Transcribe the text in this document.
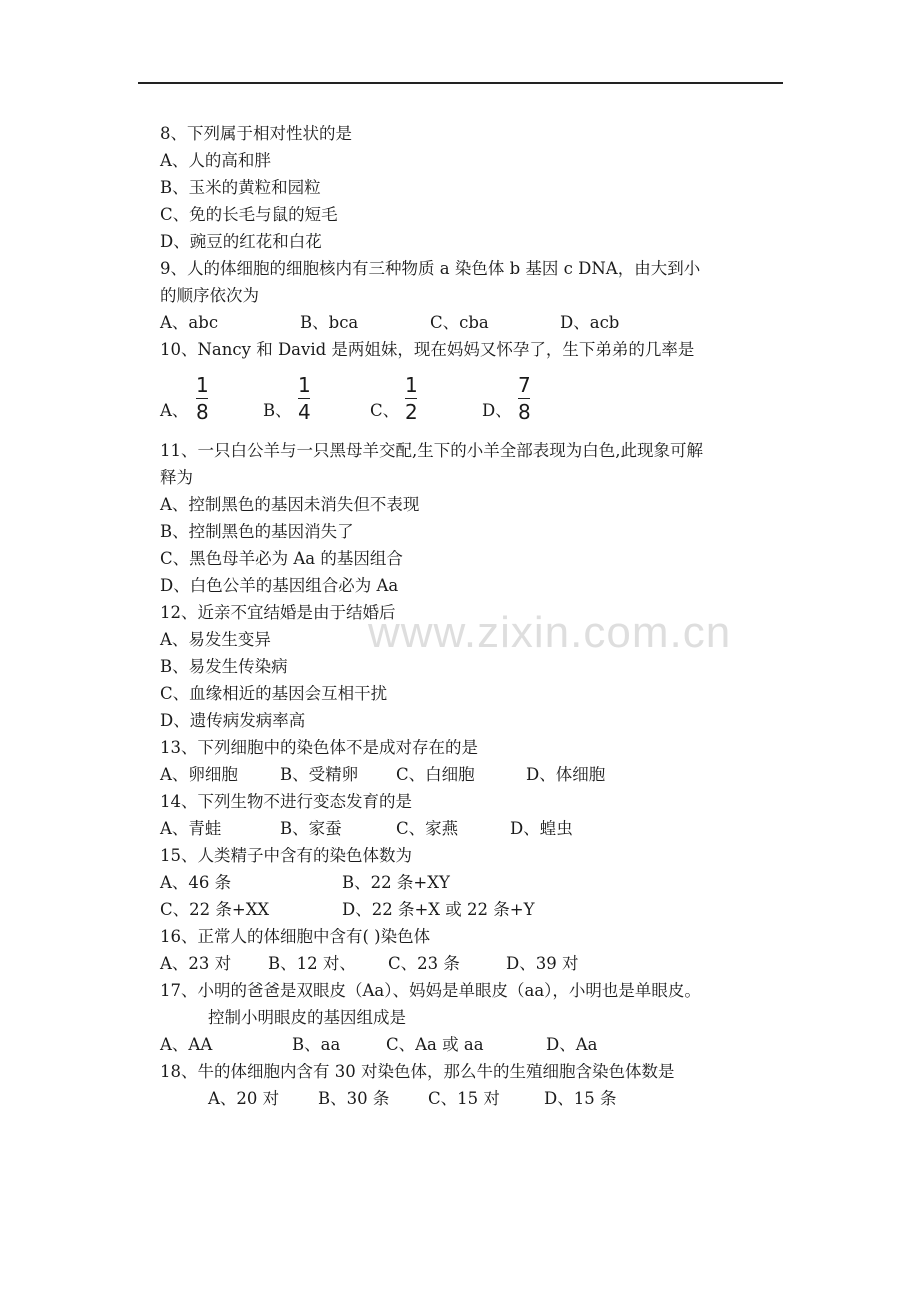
www.zixin.com.cn
8、下列属于相对性状的是
A、人的高和胖
B、玉米的黄粒和园粒
C、免的长毛与鼠的短毛
D、豌豆的红花和白花
9、人的体细胞的细胞核内有三种物质 a 染色体 b 基因 c DNA，由大到小
的顺序依次为
A、abc	B、bca	C、cba	D、acb
10、Nancy 和 David 是两姐妹，现在妈妈又怀孕了，生下弟弟的几率是
A、
1
8	B、
1
4	C、
1
2	D、
7
8
11、一只白公羊与一只黑母羊交配,生下的小羊全部表现为白色,此现象可解
释为
A、控制黑色的基因未消失但不表现
B、控制黑色的基因消失了
C、黑色母羊必为 Aa 的基因组合
D、白色公羊的基因组合必为 Aa
12、近亲不宜结婚是由于结婚后
A、易发生变异
B、易发生传染病
C、血缘相近的基因会互相干扰
D、遗传病发病率高
13、下列细胞中的染色体不是成对存在的是
A、卵细胞	B、受精卵 C、白细胞	D、体细胞
14、下列生物不进行变态发育的是
A、青蛙	B、家蚕	C、家燕	D、蝗虫
15、人类精子中含有的染色体数为
A、46 条	B、22 条+XY
C、22 条+XX	D、22 条+X 或 22 条+Y
16、正常人的体细胞中含有( )染色体
A、23 对 B、12 对、 C、23 条	D、39 对
17、小明的爸爸是双眼皮（Aa）、妈妈是单眼皮（aa），小明也是单眼皮。
控制小明眼皮的基因组成是
A、AA	B、aa	C、Aa 或 aa	D、Aa
18、牛的体细胞内含有 30 对染色体，那么牛的生殖细胞含染色体数是
A、20 对 B、30 条 C、15 对	D、15 条
